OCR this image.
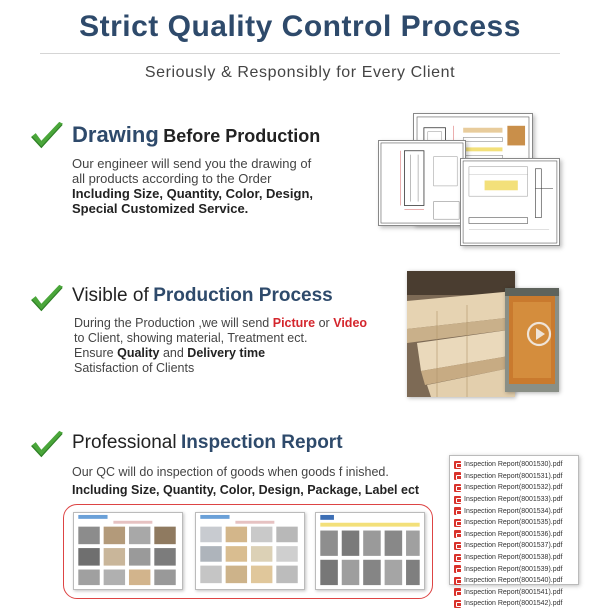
Strict Quality Control Process
Seriously & Responsibly for Every Client
Drawing Before Production
Our engineer will send you the drawing of
all products according to the Order
Including Size, Quantity, Color, Design,
Special Customized Service.
Visible of Production Process
During the Production ,we will send Picture or Video
to Client, showing material, Treatment ect.
Ensure Quality and Delivery time
Satisfaction of Clients
Professional Inspection Report
Our QC will do inspection of goods when goods f inished.
Including Size, Quantity, Color, Design, Package, Label ect
Inspection Report(8001530).pdf
Inspection Report(8001531).pdf
Inspection Report(8001532).pdf
Inspection Report(8001533).pdf
Inspection Report(8001534).pdf
Inspection Report(8001535).pdf
Inspection Report(8001536).pdf
Inspection Report(8001537).pdf
Inspection Report(8001538).pdf
Inspection Report(8001539).pdf
Inspection Report(8001540).pdf
Inspection Report(8001541).pdf
Inspection Report(8001542).pdf
